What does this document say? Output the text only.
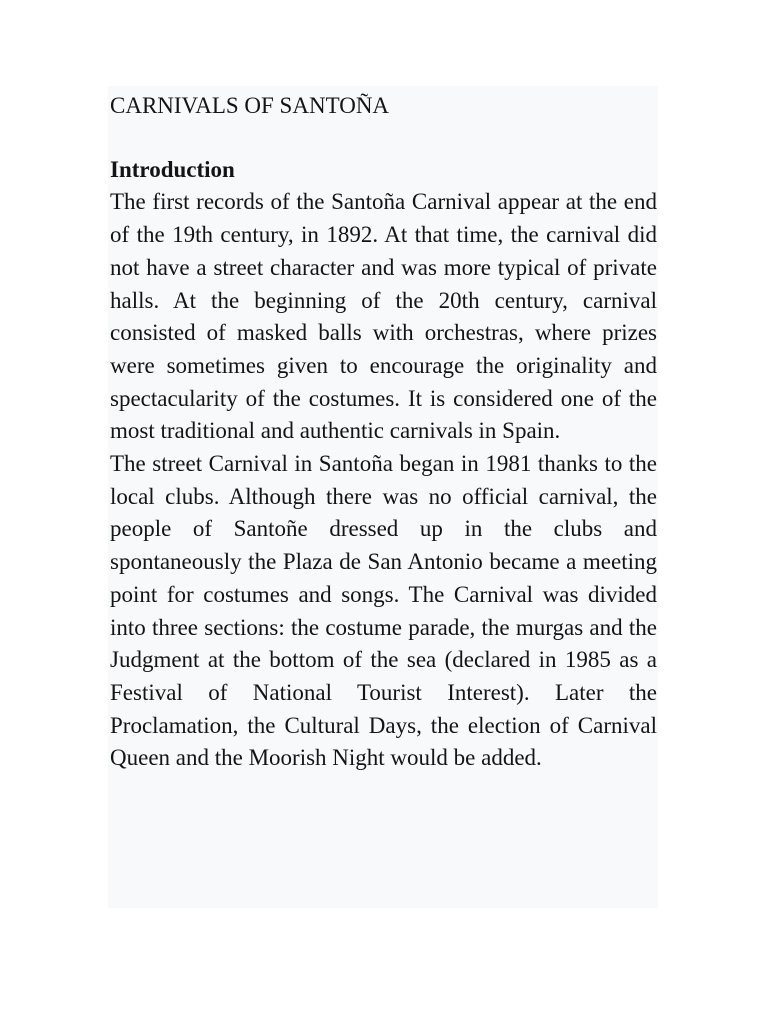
CARNIVALS OF SANTOÑA
Introduction

The first records of the Santoña Carnival appear at the end of the 19th century, in 1892. At that time, the carnival did not have a street character and was more typical of private halls. At the beginning of the 20th century, carnival consisted of masked balls with orchestras, where prizes were sometimes given to encourage the originality and spectacularity of the costumes. It is considered one of the most traditional and authentic carnivals in Spain.

The street Carnival in Santoña began in 1981 thanks to the local clubs. Although there was no official carnival, the people of Santoñe dressed up in the clubs and spontaneously the Plaza de San Antonio became a meeting point for costumes and songs. The Carnival was divided into three sections: the costume parade, the murgas and the Judgment at the bottom of the sea (declared in 1985 as a Festival of National Tourist Interest). Later the Proclamation, the Cultural Days, the election of Carnival Queen and the Moorish Night would be added.
